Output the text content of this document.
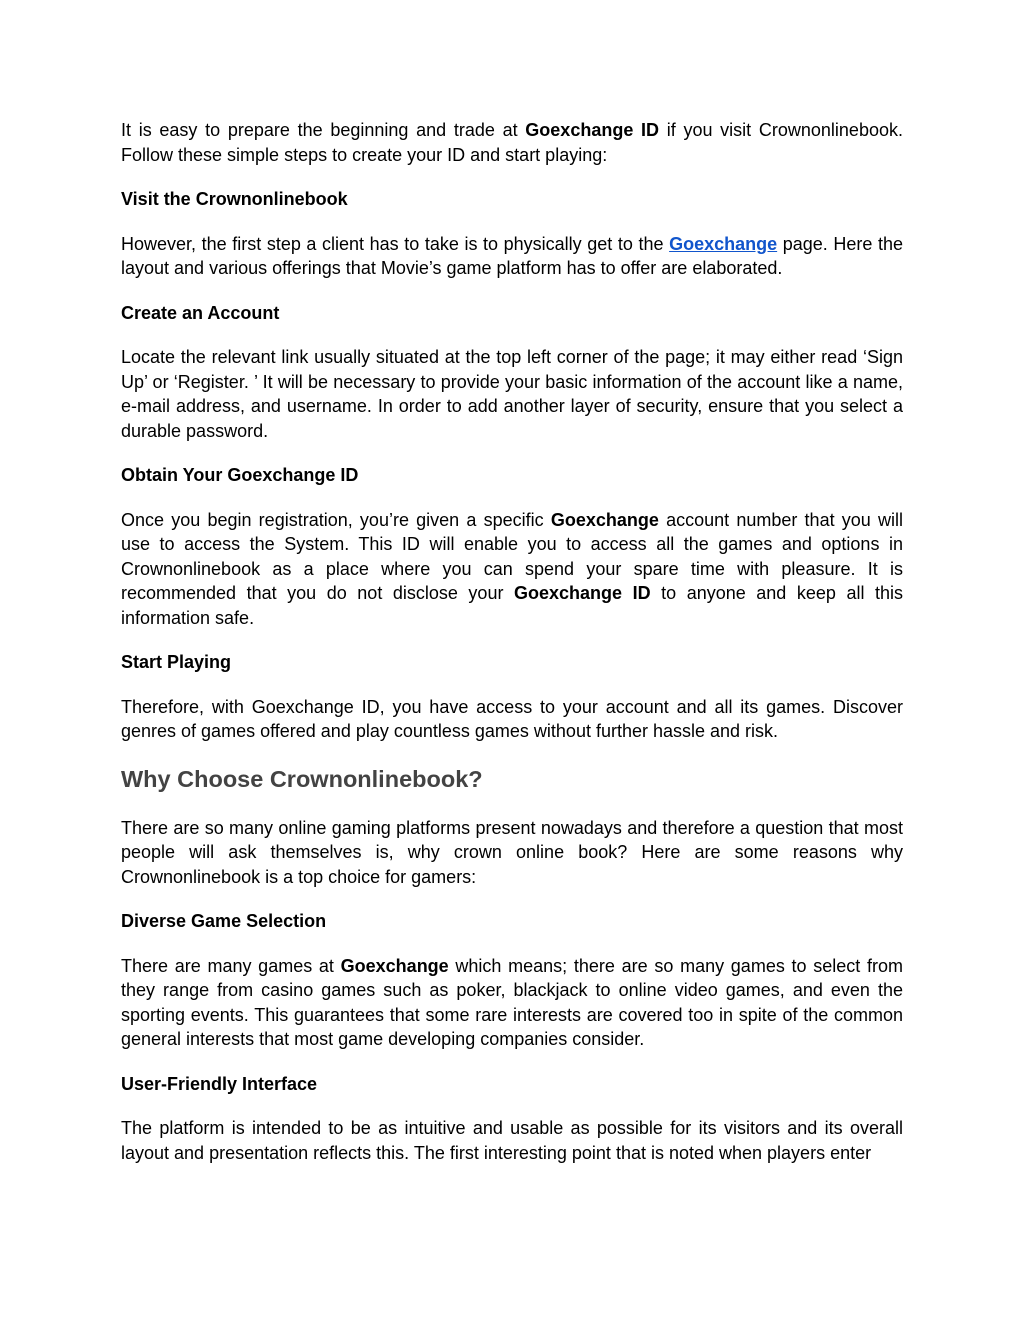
It is easy to prepare the beginning and trade at Goexchange ID if you visit Crownonlinebook. Follow these simple steps to create your ID and start playing:

Visit the Crownonlinebook

However, the first step a client has to take is to physically get to the Goexchange page. Here the layout and various offerings that Movie’s game platform has to offer are elaborated.

Create an Account

Locate the relevant link usually situated at the top left corner of the page; it may either read ‘Sign Up’ or ‘Register. ’ It will be necessary to provide your basic information of the account like a name, e-mail address, and username. In order to add another layer of security, ensure that you select a durable password.

Obtain Your Goexchange ID

Once you begin registration, you’re given a specific Goexchange account number that you will use to access the System. This ID will enable you to access all the games and options in Crownonlinebook as a place where you can spend your spare time with pleasure. It is recommended that you do not disclose your Goexchange ID to anyone and keep all this information safe.

Start Playing

Therefore, with Goexchange ID, you have access to your account and all its games. Discover genres of games offered and play countless games without further hassle and risk.

Why Choose Crownonlinebook?

There are so many online gaming platforms present nowadays and therefore a question that most people will ask themselves is, why crown online book? Here are some reasons why Crownonlinebook is a top choice for gamers:

Diverse Game Selection

There are many games at Goexchange which means; there are so many games to select from they range from casino games such as poker, blackjack to online video games, and even the sporting events. This guarantees that some rare interests are covered too in spite of the common general interests that most game developing companies consider.

User-Friendly Interface

The platform is intended to be as intuitive and usable as possible for its visitors and its overall layout and presentation reflects this. The first interesting point that is noted when players enter
